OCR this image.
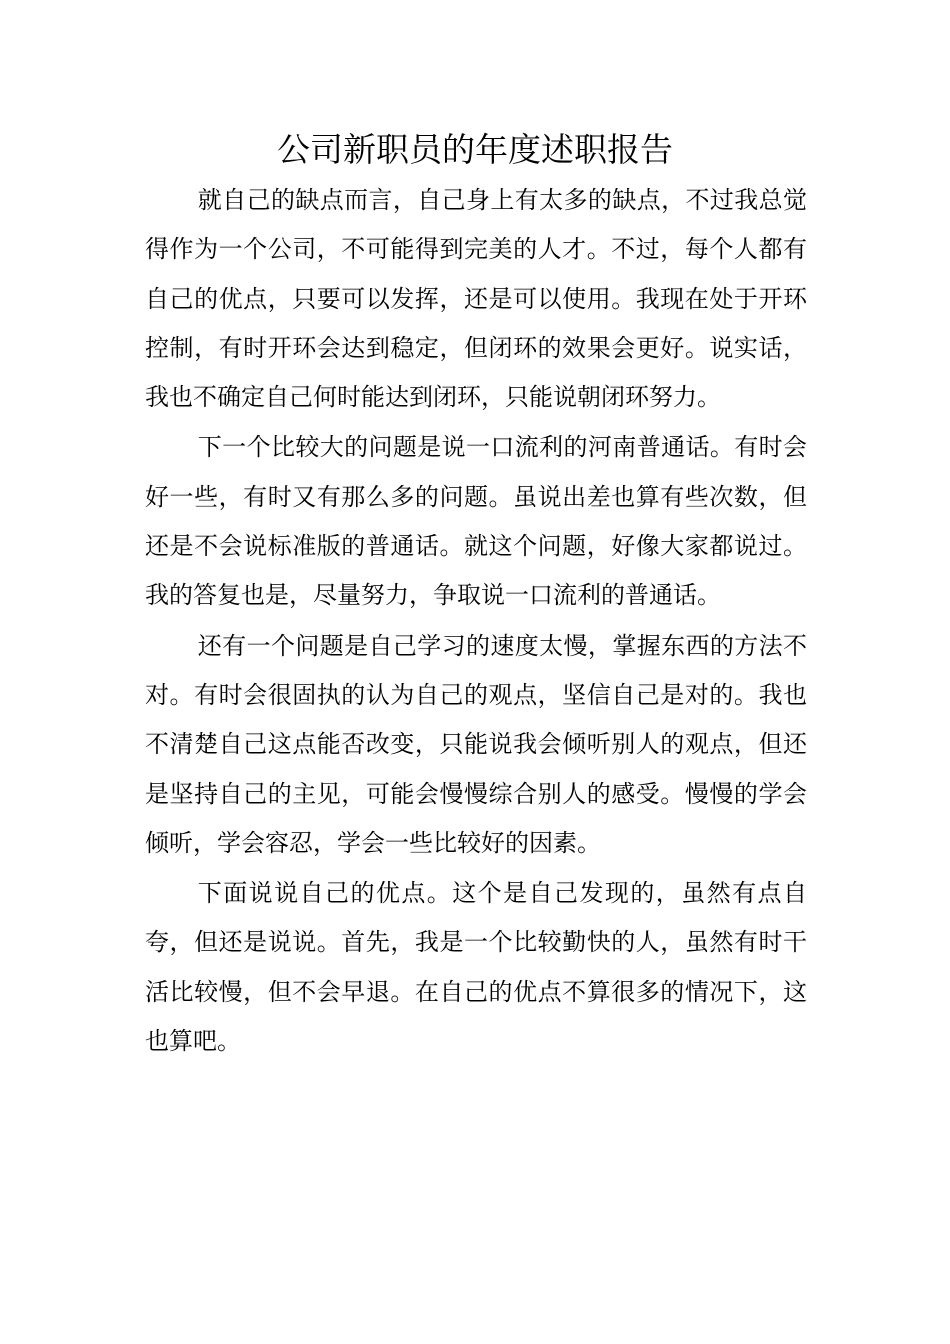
公司新职员的年度述职报告

就自己的缺点而言，自己身上有太多的缺点，不过我总觉得作为一个公司，不可能得到完美的人才。不过，每个人都有自己的优点，只要可以发挥，还是可以使用。我现在处于开环控制，有时开环会达到稳定，但闭环的效果会更好。说实话，我也不确定自己何时能达到闭环，只能说朝闭环努力。

下一个比较大的问题是说一口流利的河南普通话。有时会好一些，有时又有那么多的问题。虽说出差也算有些次数，但还是不会说标准版的普通话。就这个问题，好像大家都说过。我的答复也是，尽量努力，争取说一口流利的普通话。

还有一个问题是自己学习的速度太慢，掌握东西的方法不对。有时会很固执的认为自己的观点，坚信自己是对的。我也不清楚自己这点能否改变，只能说我会倾听别人的观点，但还是坚持自己的主见，可能会慢慢综合别人的感受。慢慢的学会倾听，学会容忍，学会一些比较好的因素。

下面说说自己的优点。这个是自己发现的，虽然有点自夸，但还是说说。首先，我是一个比较勤快的人，虽然有时干活比较慢，但不会早退。在自己的优点不算很多的情况下，这也算吧。
